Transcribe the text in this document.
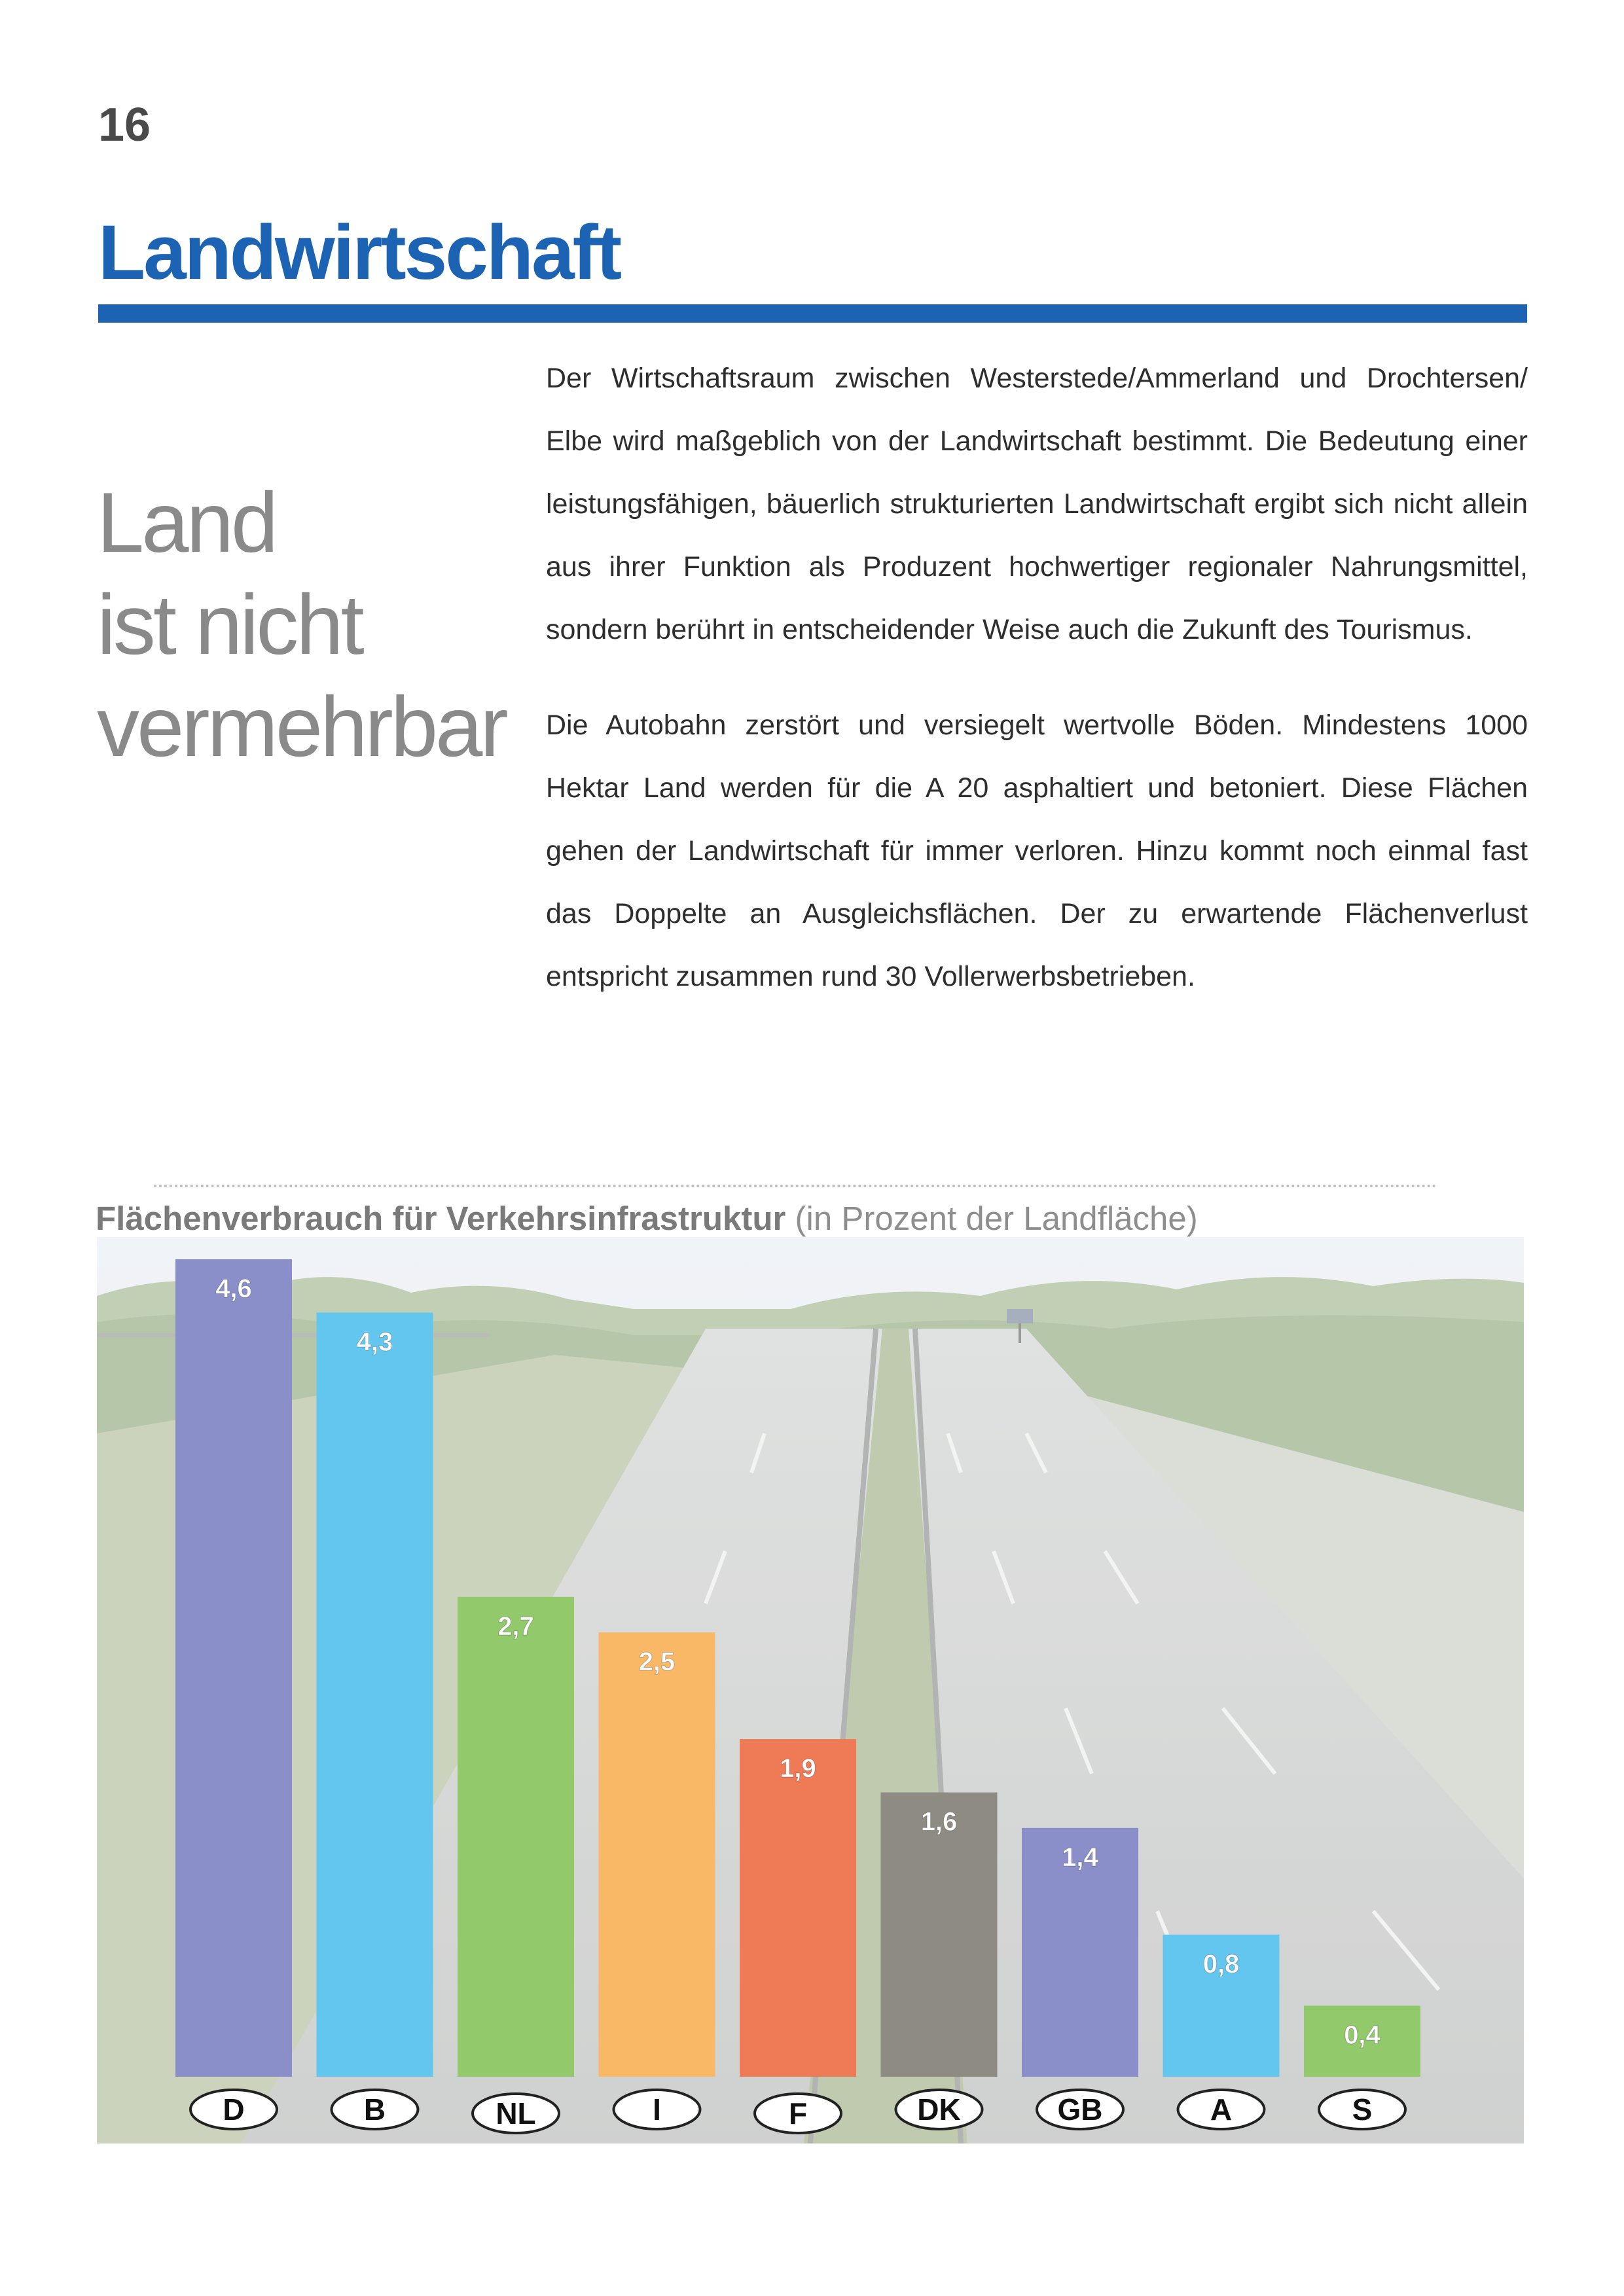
16
Landwirtschaft
Land
ist nicht
vermehrbar
Der Wirtschaftsraum zwischen Westerstede/Ammerland und Drochtersen/ Elbe wird maßgeblich von der Landwirtschaft bestimmt. Die Bedeutung einer leistungsfähigen, bäuerlich strukturierten Landwirtschaft ergibt sich nicht allein aus ihrer Funktion als Produzent hochwertiger regionaler Nahrungsmittel, sondern berührt in entscheidender Weise auch die Zukunft des Tourismus.
Die Autobahn zerstört und versiegelt wertvolle Böden. Mindestens 1000 Hektar Land werden für die A 20 asphaltiert und betoniert. Diese Flächen gehen der Landwirtschaft für immer verloren. Hinzu kommt noch einmal fast das Doppelte an Ausgleichsflächen. Der zu erwartende Flächenverlust entspricht zusammen rund 30 Vollerwerbsbetrieben.
Flächenverbrauch für Verkehrsinfrastruktur (in Prozent der Landfläche)
4,6
4,3
2,7
2,5
1,9
1,6
1,4
0,8
0,4
D	B	NL	I	F	DK	GB	A	S
